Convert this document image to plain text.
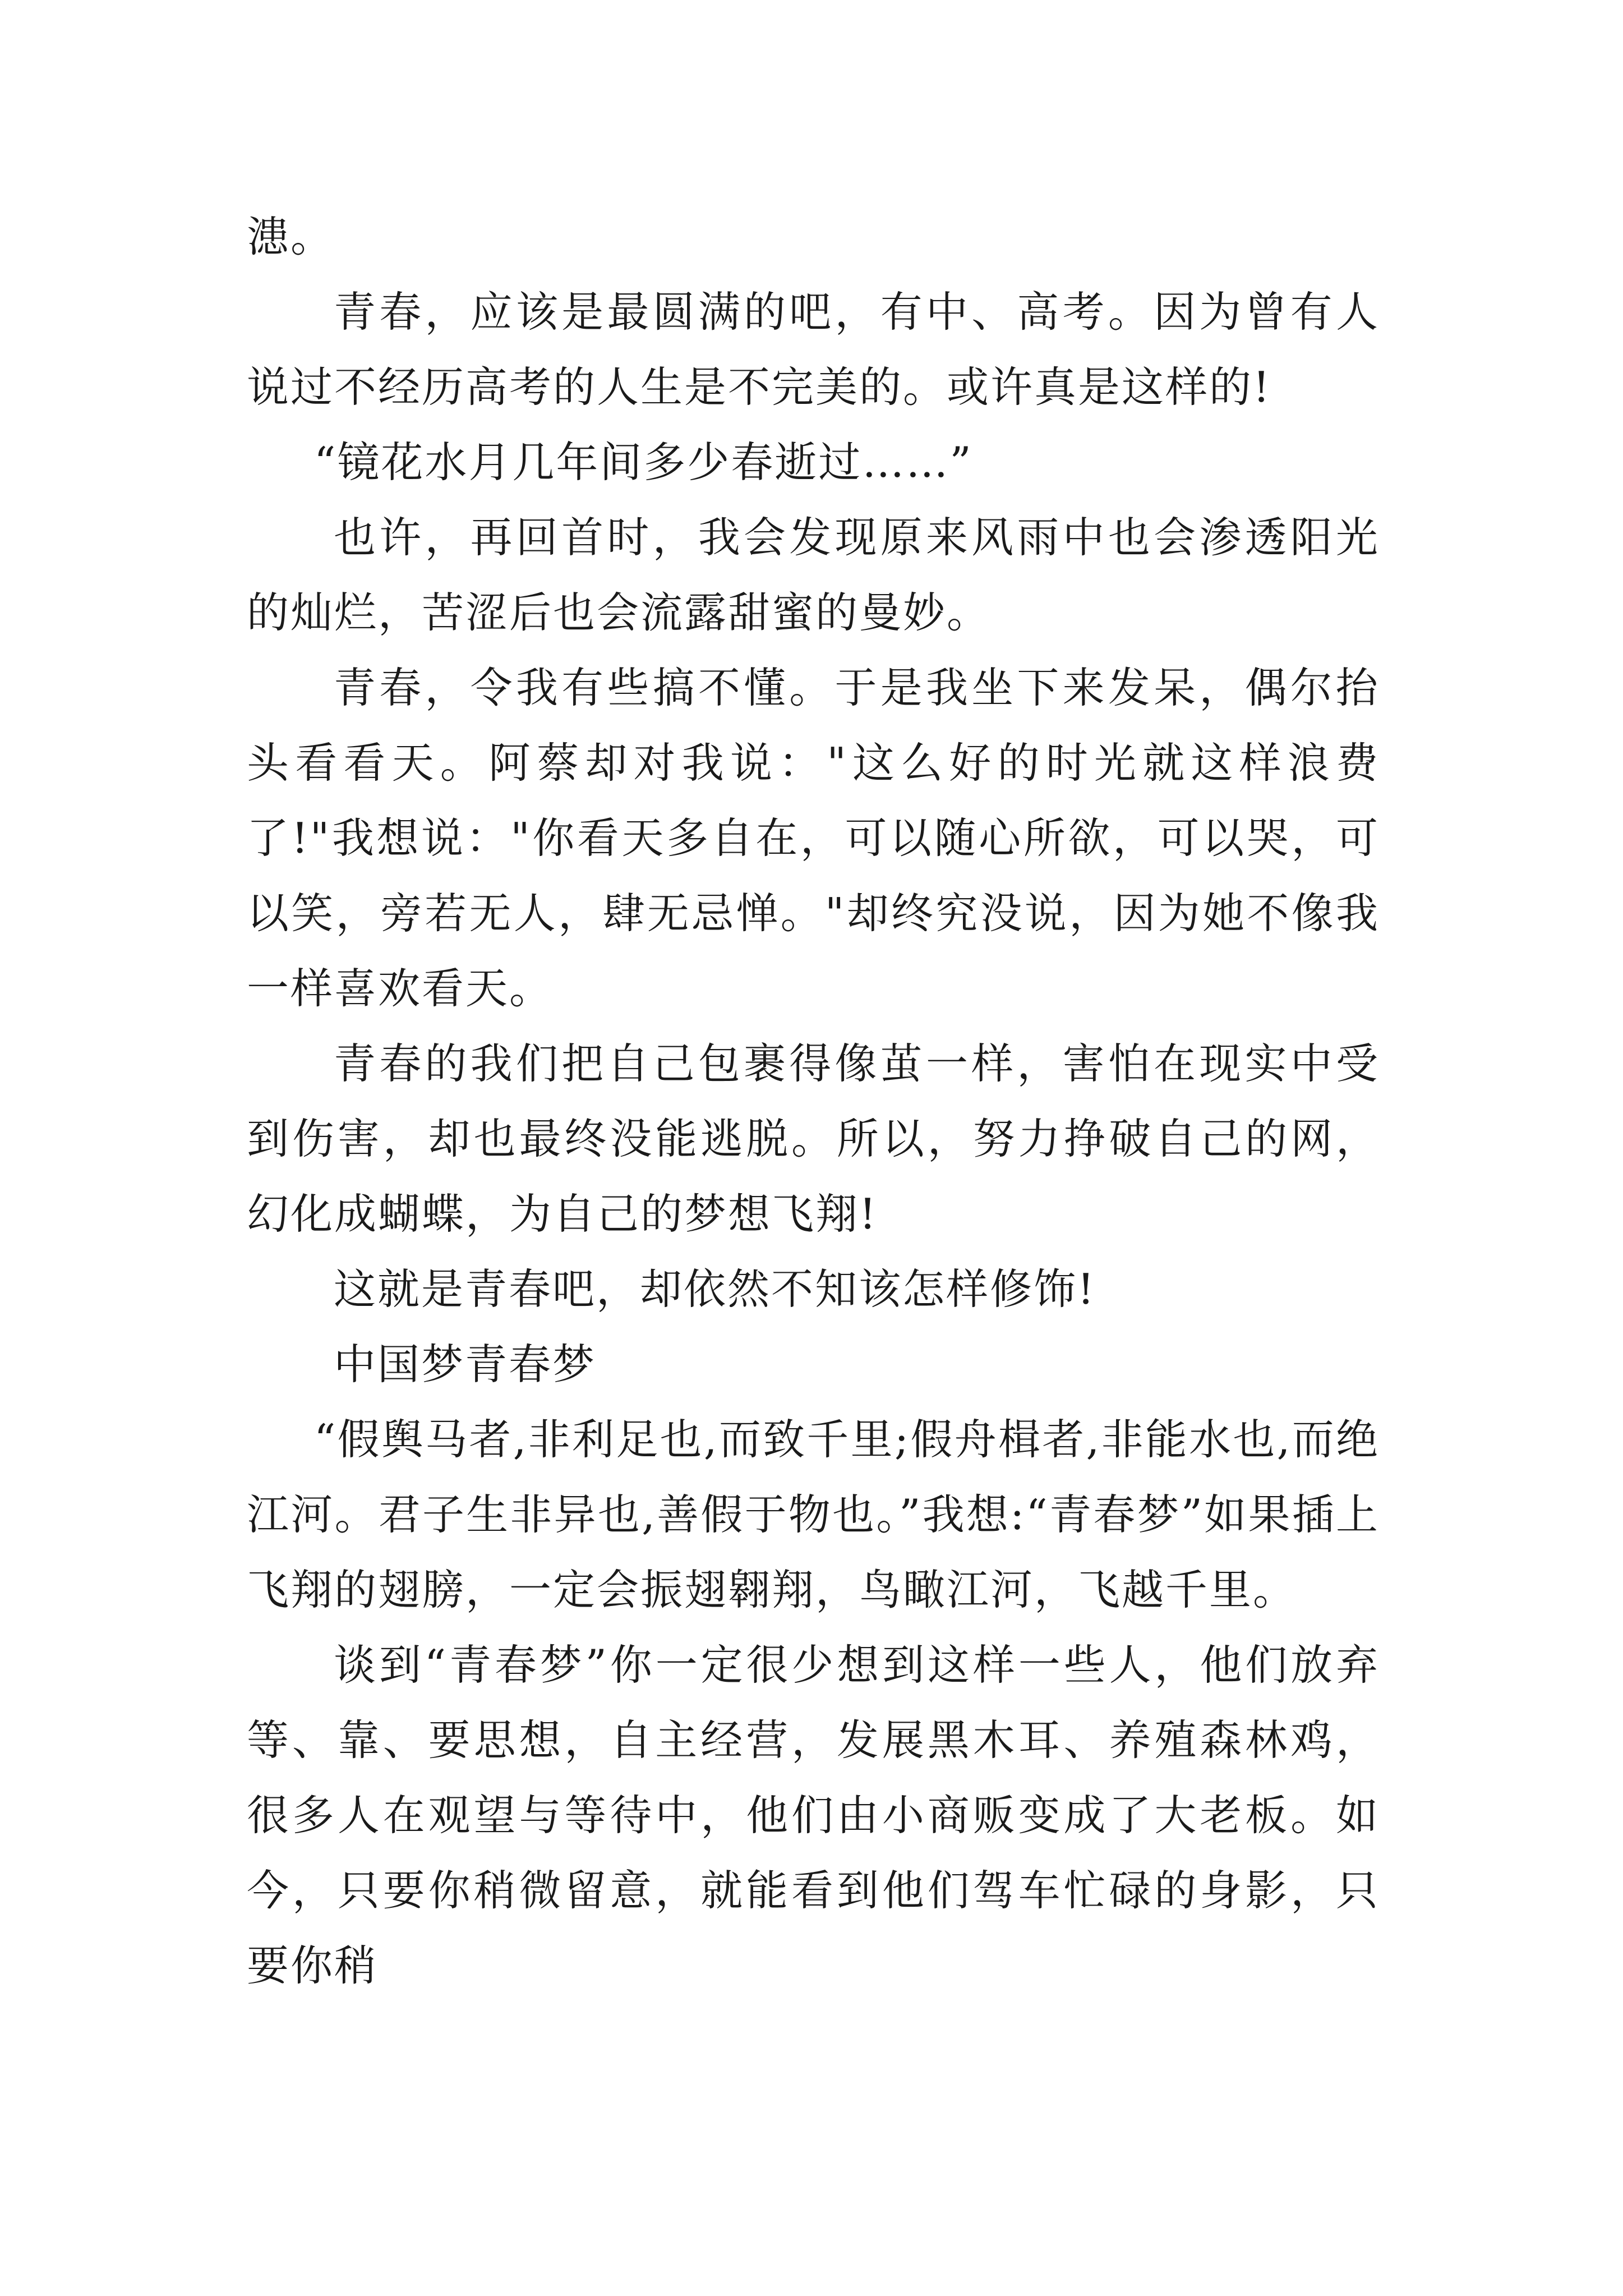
漶。

青春，应该是最圆满的吧，有中、高考。因为曾有人说过不经历高考的人生是不完美的。或许真是这样的!

“镜花水月几年间多少春逝过……”

也许，再回首时，我会发现原来风雨中也会渗透阳光的灿烂，苦涩后也会流露甜蜜的曼妙。

青春，令我有些搞不懂。于是我坐下来发呆，偶尔抬头看看天。阿蔡却对我说："这么好的时光就这样浪费了!"我想说："你看天多自在，可以随心所欲，可以哭，可以笑，旁若无人，肆无忌惮。"却终究没说，因为她不像我一样喜欢看天。

青春的我们把自己包裹得像茧一样，害怕在现实中受到伤害，却也最终没能逃脱。所以，努力挣破自己的网，幻化成蝴蝶，为自己的梦想飞翔!

这就是青春吧，却依然不知该怎样修饰!

中国梦青春梦

“假舆马者,非利足也,而致千里;假舟楫者,非能水也,而绝江河。君子生非异也,善假于物也。”我想:“青春梦”如果插上飞翔的翅膀，一定会振翅翱翔，鸟瞰江河，飞越千里。

谈到“青春梦”你一定很少想到这样一些人，他们放弃等、靠、要思想，自主经营，发展黑木耳、养殖森林鸡，很多人在观望与等待中，他们由小商贩变成了大老板。如今，只要你稍微留意，就能看到他们驾车忙碌的身影，只要你稍
